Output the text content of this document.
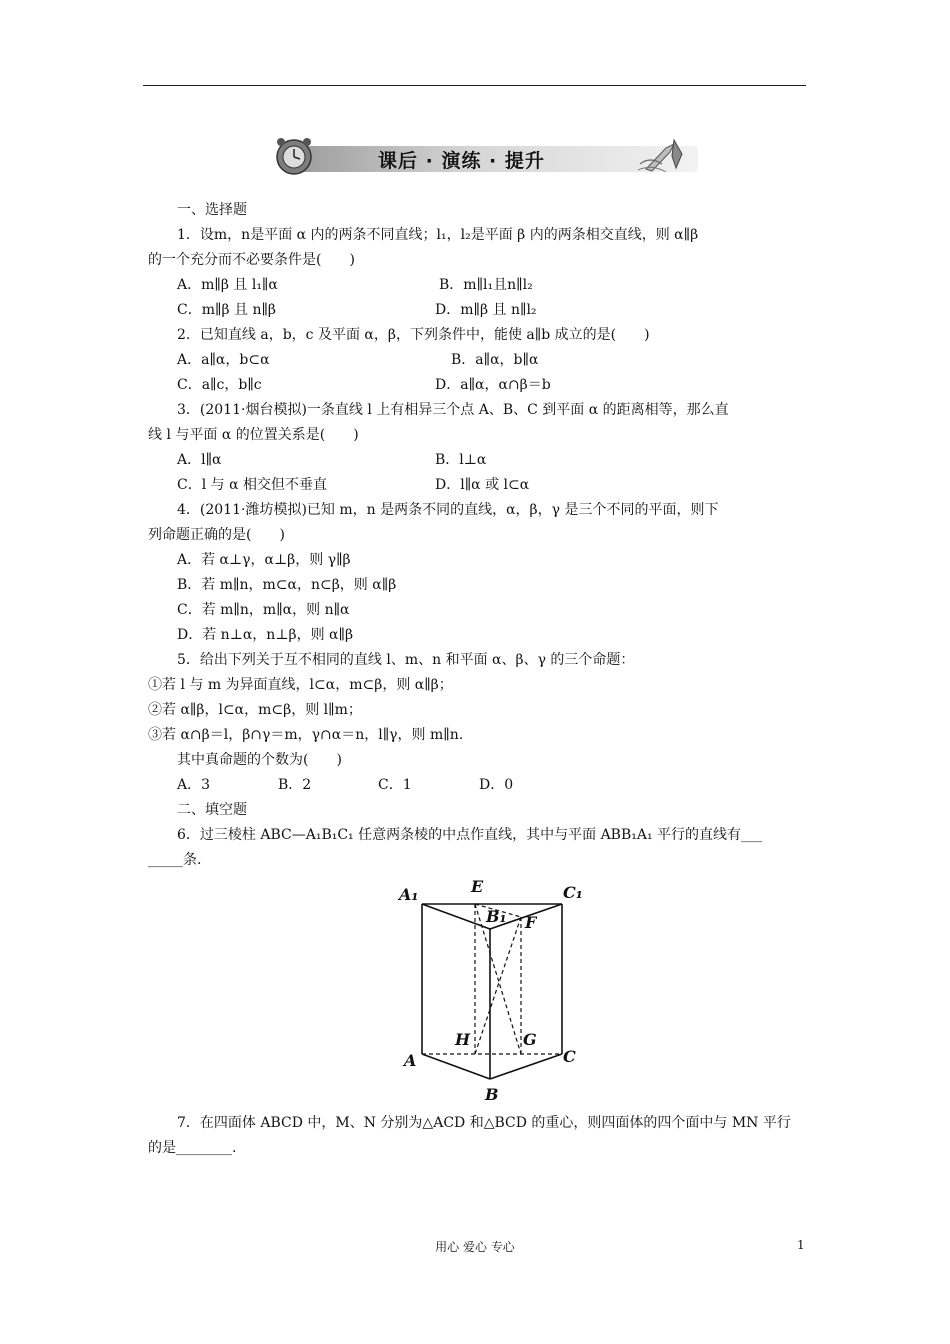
课后 · 演练 · 提升
一、选择题
1．设m，n是平面 α 内的两条不同直线；l₁，l₂是平面 β 内的两条相交直线，则 α∥β
的一个充分而不必要条件是(　　)
A．m∥β 且 l₁∥α	B．m∥l₁且n∥l₂
C．m∥β 且 n∥β	D．m∥β 且 n∥l₂
2．已知直线 a，b，c 及平面 α，β，下列条件中，能使 a∥b 成立的是(　　)
A．a∥α，b⊂α	B．a∥α，b∥α
C．a∥c，b∥c	D．a∥α，α∩β＝b
3．(2011·烟台模拟)一条直线 l 上有相异三个点 A、B、C 到平面 α 的距离相等，那么直
线 l 与平面 α 的位置关系是(　　)
A．l∥α	B．l⊥α
C．l 与 α 相交但不垂直	D．l∥α 或 l⊂α
4．(2011·潍坊模拟)已知 m，n 是两条不同的直线，α，β，γ 是三个不同的平面，则下
列命题正确的是(　　)
A．若 α⊥γ，α⊥β，则 γ∥β
B．若 m∥n，m⊂α，n⊂β，则 α∥β
C．若 m∥n，m∥α，则 n∥α
D．若 n⊥α，n⊥β，则 α∥β
5．给出下列关于互不相同的直线 l、m、n 和平面 α、β、γ 的三个命题：
①若 l 与 m 为异面直线，l⊂α，m⊂β，则 α∥β；
②若 α∥β，l⊂α，m⊂β，则 l∥m；
③若 α∩β＝l，β∩γ＝m，γ∩α＝n，l∥γ，则 m∥n.
其中真命题的个数为(　　)
A．3	B．2	C．1	D．0
二、填空题
6．过三棱柱 ABC—A₁B₁C₁ 任意两条棱的中点作直线，其中与平面 ABB₁A₁ 平行的直线有___
_____条.
A₁	E	C₁
B₁ F
H	G
A	C
B
7．在四面体 ABCD 中，M、N 分别为△ACD 和△BCD 的重心，则四面体的四个面中与 MN 平行
的是________.
用心 爱心 专心	1
